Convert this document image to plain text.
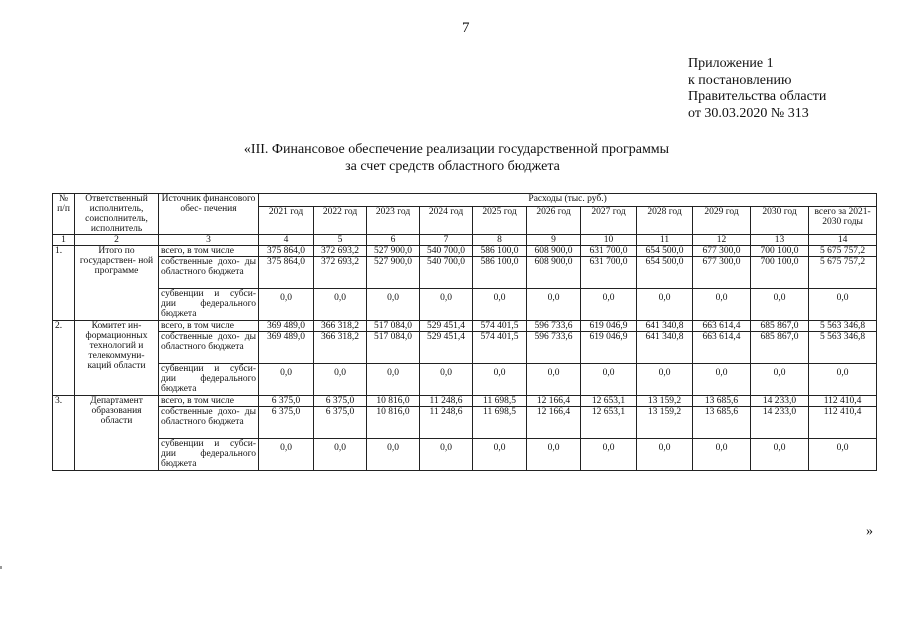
7
Приложение 1
к постановлению
Правительства области
от 30.03.2020 № 313
«III. Финансовое обеспечение реализации государственной программы
за счет средств областного бюджета
№ п/п	Ответственный исполнитель, соисполнитель, исполнитель	Источник финансового обес- печения	Расходы (тыс. руб.)										
			2021 год	2022 год	2023 год	2024 год	2025 год	2026 год	2027 год	2028 год	2029 год	2030 год	всего за 2021-2030 годы
1	2	3	4	5	6	7	8	9	10	11	12	13	14
1.	Итого по государствен- ной программе	всего, в том числе	375 864,0	372 693,2	527 900,0	540 700,0	586 100,0	608 900,0	631 700,0	654 500,0	677 300,0	700 100,0	5 675 757,2
		собственные дохо- ды областного бюджета	375 864,0	372 693,2	527 900,0	540 700,0	586 100,0	608 900,0	631 700,0	654 500,0	677 300,0	700 100,0	5 675 757,2
		субвенции и субси- дии федерального бюджета	0,0	0,0	0,0	0,0	0,0	0,0	0,0	0,0	0,0	0,0	0,0
2.	Комитет ин- формационных технологий и телекоммуни- каций области	всего, в том числе	369 489,0	366 318,2	517 084,0	529 451,4	574 401,5	596 733,6	619 046,9	641 340,8	663 614,4	685 867,0	5 563 346,8
		собственные дохо- ды областного бюджета	369 489,0	366 318,2	517 084,0	529 451,4	574 401,5	596 733,6	619 046,9	641 340,8	663 614,4	685 867,0	5 563 346,8
		субвенции и субси- дии федерального бюджета	0,0	0,0	0,0	0,0	0,0	0,0	0,0	0,0	0,0	0,0	0,0
3.	Департамент образования области	всего, в том числе	6 375,0	6 375,0	10 816,0	11 248,6	11 698,5	12 166,4	12 653,1	13 159,2	13 685,6	14 233,0	112 410,4
		собственные дохо- ды областного бюджета	6 375,0	6 375,0	10 816,0	11 248,6	11 698,5	12 166,4	12 653,1	13 159,2	13 685,6	14 233,0	112 410,4
		субвенции и субси- дии федерального бюджета	0,0	0,0	0,0	0,0	0,0	0,0	0,0	0,0	0,0	0,0	0,0
»
